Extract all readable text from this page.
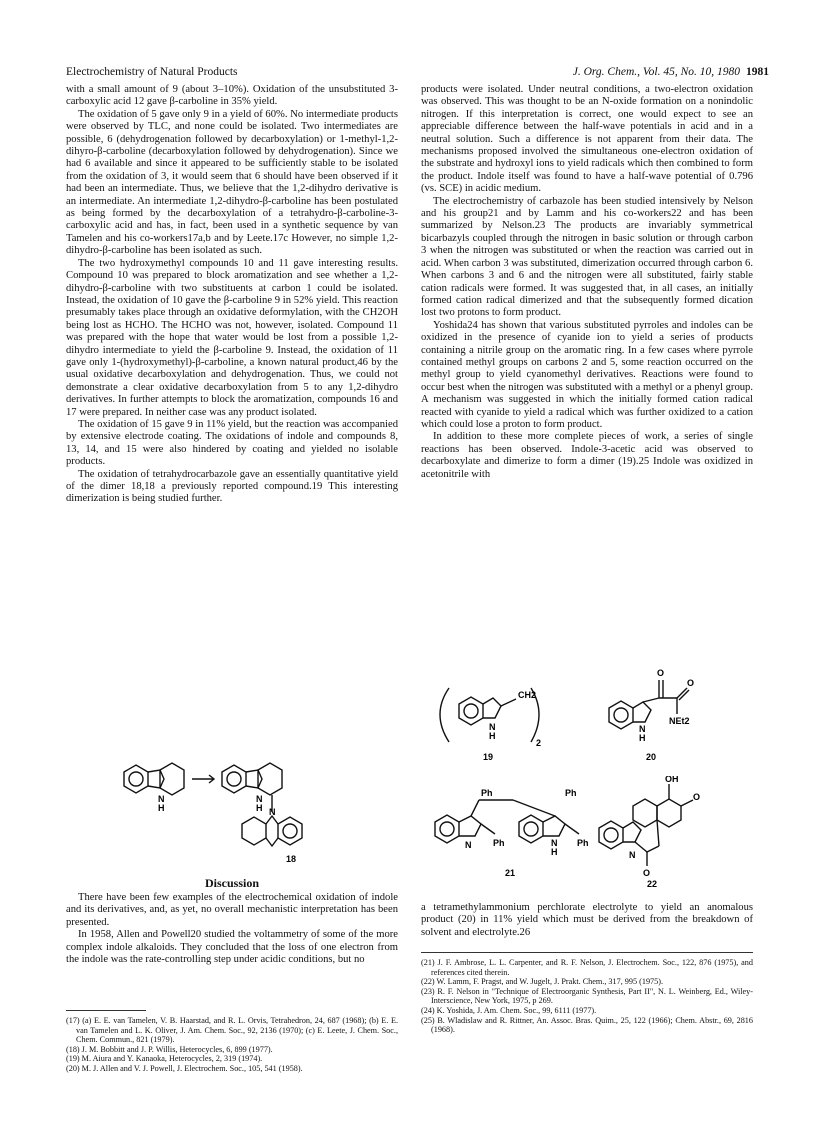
Electrochemistry of Natural Products	J. Org. Chem., Vol. 45, No. 10, 1980 1981

with a small amount of 9 (about 3–10%). Oxidation of the unsubstituted 3-carboxylic acid 12 gave β-carboline in 35% yield.

The oxidation of 5 gave only 9 in a yield of 60%. No intermediate products were observed by TLC, and none could be isolated. Two intermediates are possible, 6 (dehydrogenation followed by decarboxylation) or 1-methyl-1,2-dihyro-β-carboline (decarboxylation followed by dehydrogenation). Since we had 6 available and since it appeared to be sufficiently stable to be isolated from the oxidation of 3, it would seem that 6 should have been observed if it had been an intermediate. Thus, we believe that the 1,2-dihydro derivative is an intermediate. An intermediate 1,2-dihydro-β-carboline has been postulated as being formed by the decarboxylation of a tetrahydro-β-carboline-3-carboxylic acid and has, in fact, been used in a synthetic sequence by van Tamelen and his co-workers17a,b and by Leete.17c However, no simple 1,2-dihydro-β-carboline has been isolated as such.

The two hydroxymethyl compounds 10 and 11 gave interesting results. Compound 10 was prepared to block aromatization and see whether a 1,2-dihydro-β-carboline with two substituents at carbon 1 could be isolated. Instead, the oxidation of 10 gave the β-carboline 9 in 52% yield. This reaction presumably takes place through an oxidative deformylation, with the CH2OH being lost as HCHO. The HCHO was not, however, isolated. Compound 11 was prepared with the hope that water would be lost from a possible 1,2-dihydro intermediate to yield the β-carboline 9. Instead, the oxidation of 11 gave only 1-(hydroxymethyl)-β-carboline, a known natural product,46 by the usual oxidative decarboxylation and dehydrogenation. Thus, we could not demonstrate a clear oxidative decarboxylation from 5 to any 1,2-dihydro derivatives. In further attempts to block the aromatization, compounds 16 and 17 were prepared. In neither case was any product isolated.

The oxidation of 15 gave 9 in 11% yield, but the reaction was accompanied by extensive electrode coating. The oxidations of indole and compounds 8, 13, 14, and 15 were also hindered by coating and yielded no isolable products.

The oxidation of tetrahydrocarbazole gave an essentially quantitative yield of the dimer 18,18 a previously reported compound.19 This interesting dimerization is being studied further.

N
H
N
H N
18
Discussion

There have been few examples of the electrochemical oxidation of indole and its derivatives, and, as yet, no overall mechanistic interpretation has been presented.

In 1958, Allen and Powell20 studied the voltammetry of some of the more complex indole alkaloids. They concluded that the loss of one electron from the indole was the rate-controlling step under acidic conditions, but no

(17) (a) E. E. van Tamelen, V. B. Haarstad, and R. L. Orvis, Tetrahedron, 24, 687 (1968); (b) E. E. van Tamelen and L. K. Oliver, J. Am. Chem. Soc., 92, 2136 (1970); (c) E. Leete, J. Chem. Soc., Chem. Commun., 821 (1979).

(18) J. M. Bobbitt and J. P. Willis, Heterocycles, 6, 899 (1977).

(19) M. Aiura and Y. Kanaoka, Heterocycles, 2, 319 (1974).

(20) M. J. Allen and V. J. Powell, J. Electrochem. Soc., 105, 541 (1958).

products were isolated. Under neutral conditions, a two-electron oxidation was observed. This was thought to be an N-oxide formation on a nonindolic nitrogen. If this interpretation is correct, one would expect to see an appreciable difference between the half-wave potentials in acid and in a neutral solution. Such a difference is not apparent from their data. The mechanisms proposed involved the simultaneous one-electron oxidation of the substrate and hydroxyl ions to yield radicals which then combined to form the product. Indole itself was found to have a half-wave potential of 0.796 (vs. SCE) in acidic medium.

The electrochemistry of carbazole has been studied intensively by Nelson and his group21 and by Lamm and his co-workers22 and has been summarized by Nelson.23 The products are invariably symmetrical bicarbazyls coupled through the nitrogen in basic solution or through carbon 3 when the nitrogen was substituted or when the reaction was carried out in acid. When carbon 3 was substituted, dimerization occurred through carbon 6. When carbons 3 and 6 and the nitrogen were all substituted, fairly stable cation radicals were formed. It was suggested that, in all cases, an initially formed cation radical dimerized and that the subsequently formed dication lost two protons to form product.

Yoshida24 has shown that various substituted pyrroles and indoles can be oxidized in the presence of cyanide ion to yield a series of products containing a nitrile group on the aromatic ring. In a few cases where pyrrole contained methyl groups on carbons 2 and 5, some reaction occurred on the methyl group to yield cyanomethyl derivatives. Reactions were found to occur best when the nitrogen was substituted with a methyl or a phenyl group. A mechanism was suggested in which the initially formed cation radical reacted with cyanide to yield a radical which was further oxidized to a cation which could lose a proton to form product.

In addition to these more complete pieces of work, a series of single reactions has been observed. Indole-3-acetic acid was observed to decarboxylate and dimerize to form a dimer (19).25 Indole was oxidized in acetonitrile with

CH2
2
N
H
19
O
O
NEt2
N
H
20
Ph	Ph
N Ph	N
H
Ph
21
OH
O
N
O
22
a tetramethylammonium perchlorate electrolyte to yield an anomalous product (20) in 11% yield which must be derived from the breakdown of solvent and electrolyte.26

(21) J. F. Ambrose, L. L. Carpenter, and R. F. Nelson, J. Electrochem. Soc., 122, 876 (1975), and references cited therein.

(22) W. Lamm, F. Pragst, and W. Jugelt, J. Prakt. Chem., 317, 995 (1975).

(23) R. F. Nelson in "Technique of Electroorganic Synthesis, Part II", N. L. Weinberg, Ed., Wiley-Interscience, New York, 1975, p 269.

(24) K. Yoshida, J. Am. Chem. Soc., 99, 6111 (1977).

(25) B. Wladislaw and R. Rittner, An. Assoc. Bras. Quim., 25, 122 (1966); Chem. Abstr., 69, 2816 (1968).
